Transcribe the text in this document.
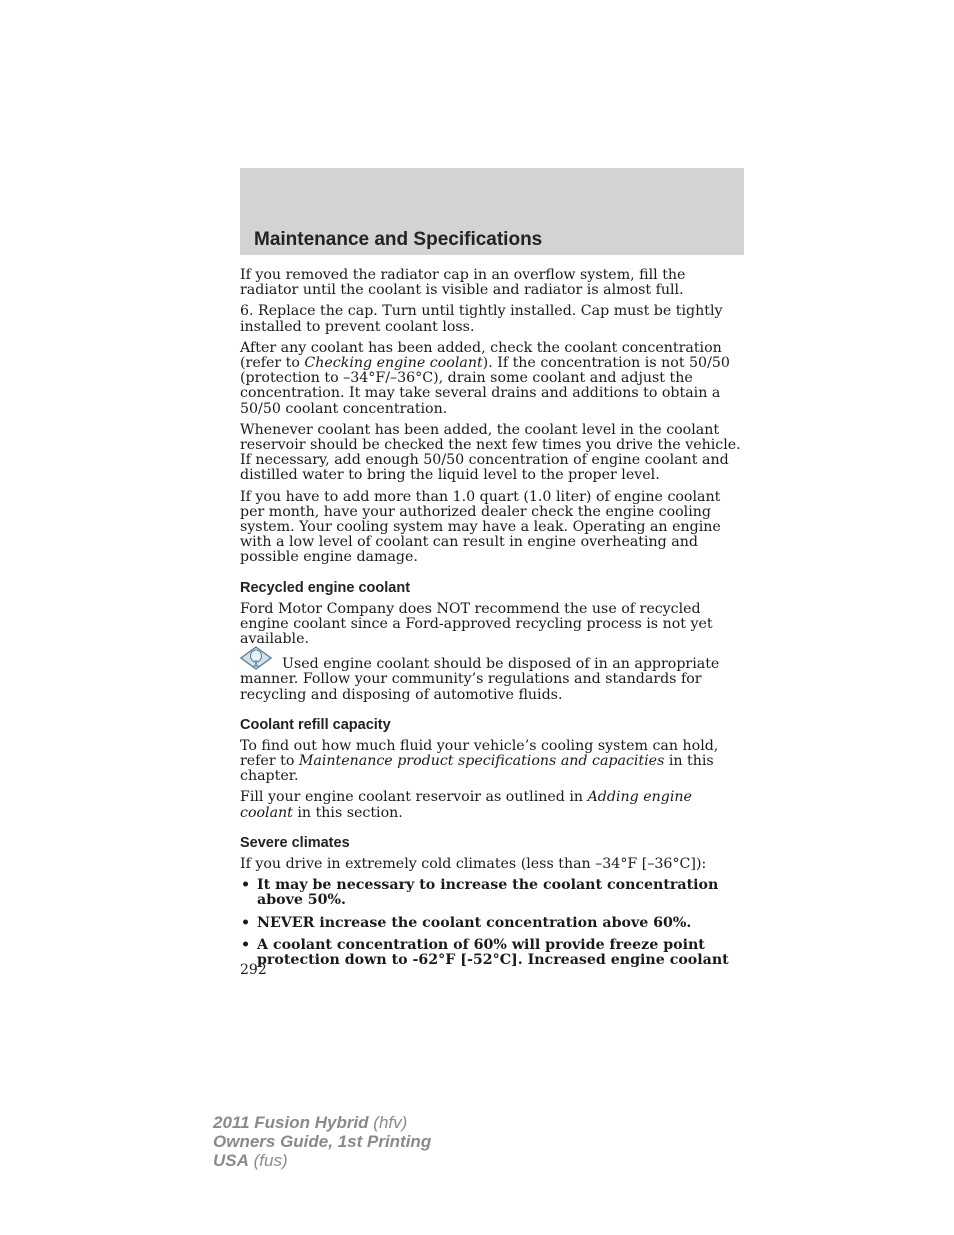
Maintenance and Specifications

If you removed the radiator cap in an overflow system, fill the radiator until the coolant is visible and radiator is almost full.

6. Replace the cap. Turn until tightly installed. Cap must be tightly installed to prevent coolant loss.

After any coolant has been added, check the coolant concentration (refer to Checking engine coolant). If the concentration is not 50/50 (protection to –34°F/–36°C), drain some coolant and adjust the concentration. It may take several drains and additions to obtain a 50/50 coolant concentration.

Whenever coolant has been added, the coolant level in the coolant reservoir should be checked the next few times you drive the vehicle. If necessary, add enough 50/50 concentration of engine coolant and distilled water to bring the liquid level to the proper level.

If you have to add more than 1.0 quart (1.0 liter) of engine coolant per month, have your authorized dealer check the engine cooling system. Your cooling system may have a leak. Operating an engine with a low level of coolant can result in engine overheating and possible engine damage.

Recycled engine coolant

Ford Motor Company does NOT recommend the use of recycled engine coolant since a Ford-approved recycling process is not yet available.

Used engine coolant should be disposed of in an appropriate manner. Follow your community’s regulations and standards for recycling and disposing of automotive fluids.

Coolant refill capacity

To find out how much fluid your vehicle’s cooling system can hold, refer to Maintenance product specifications and capacities in this chapter.

Fill your engine coolant reservoir as outlined in Adding engine coolant in this section.

Severe climates

If you drive in extremely cold climates (less than –34°F [–36°C]):

• It may be necessary to increase the coolant concentration above 50%.
• NEVER increase the coolant concentration above 60%.
• A coolant concentration of 60% will provide freeze point protection down to -62°F [-52°C]. Increased engine coolant
292
2011 Fusion Hybrid (hfv)
Owners Guide, 1st Printing
USA (fus)
